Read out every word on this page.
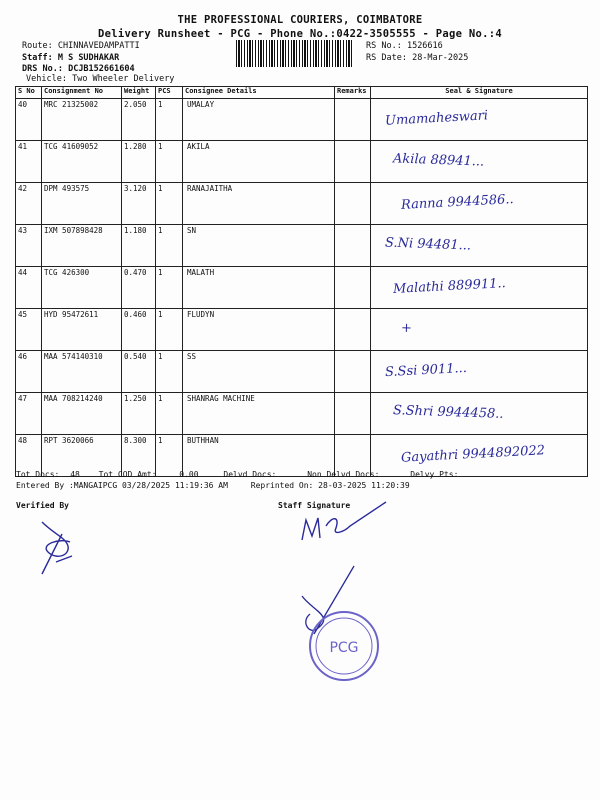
THE PROFESSIONAL COURIERS, COIMBATORE
Delivery Runsheet - PCG - Phone No.:0422-3505555 - Page No.:4
Route: CHINNAVEDAMPATTI
Staff: M S SUDHAKAR
DRS No.: DCJB152661604
Vehicle: Two Wheeler Delivery
RS No.: 1526616
RS Date: 28-Mar-2025
S No	Consignment No	Weight	PCS	Consignee Details	Remarks	Seal & Signature
40	MRC 21325002	2.050	1	UMALAY		Umamaheswari

41	TCG 41609052	1.280	1	AKILA		Akila 88941...

42	DPM 493575	3.120	1	RANAJAITHA		Ranna 9944586..

43	IXM 507898428	1.180	1	SN		S.Ni 94481...

44	TCG 426300	0.470	1	MALATH		Malathi 889911..

45	HYD 95472611	0.460	1	FLUDYN		+

46	MAA 574140310	0.540	1	SS		S.Ssi 9011...

47	MAA 708214240	1.250	1	SHANRAG MACHINE		S.Shri 9944458..

48	RPT 3620066	8.300	1	BUTHHAN		Gayathri 9944892022
Tot Docs: 48 Tot COD Amt:	0.00	Delvd Docs:	Non Delvd Docs:	Delvy Pts:
Entered By :MANGAIPCG 03/28/2025 11:19:36 AM	Reprinted On: 28-03-2025 11:20:39
Verified By	Staff Signature
PCG
